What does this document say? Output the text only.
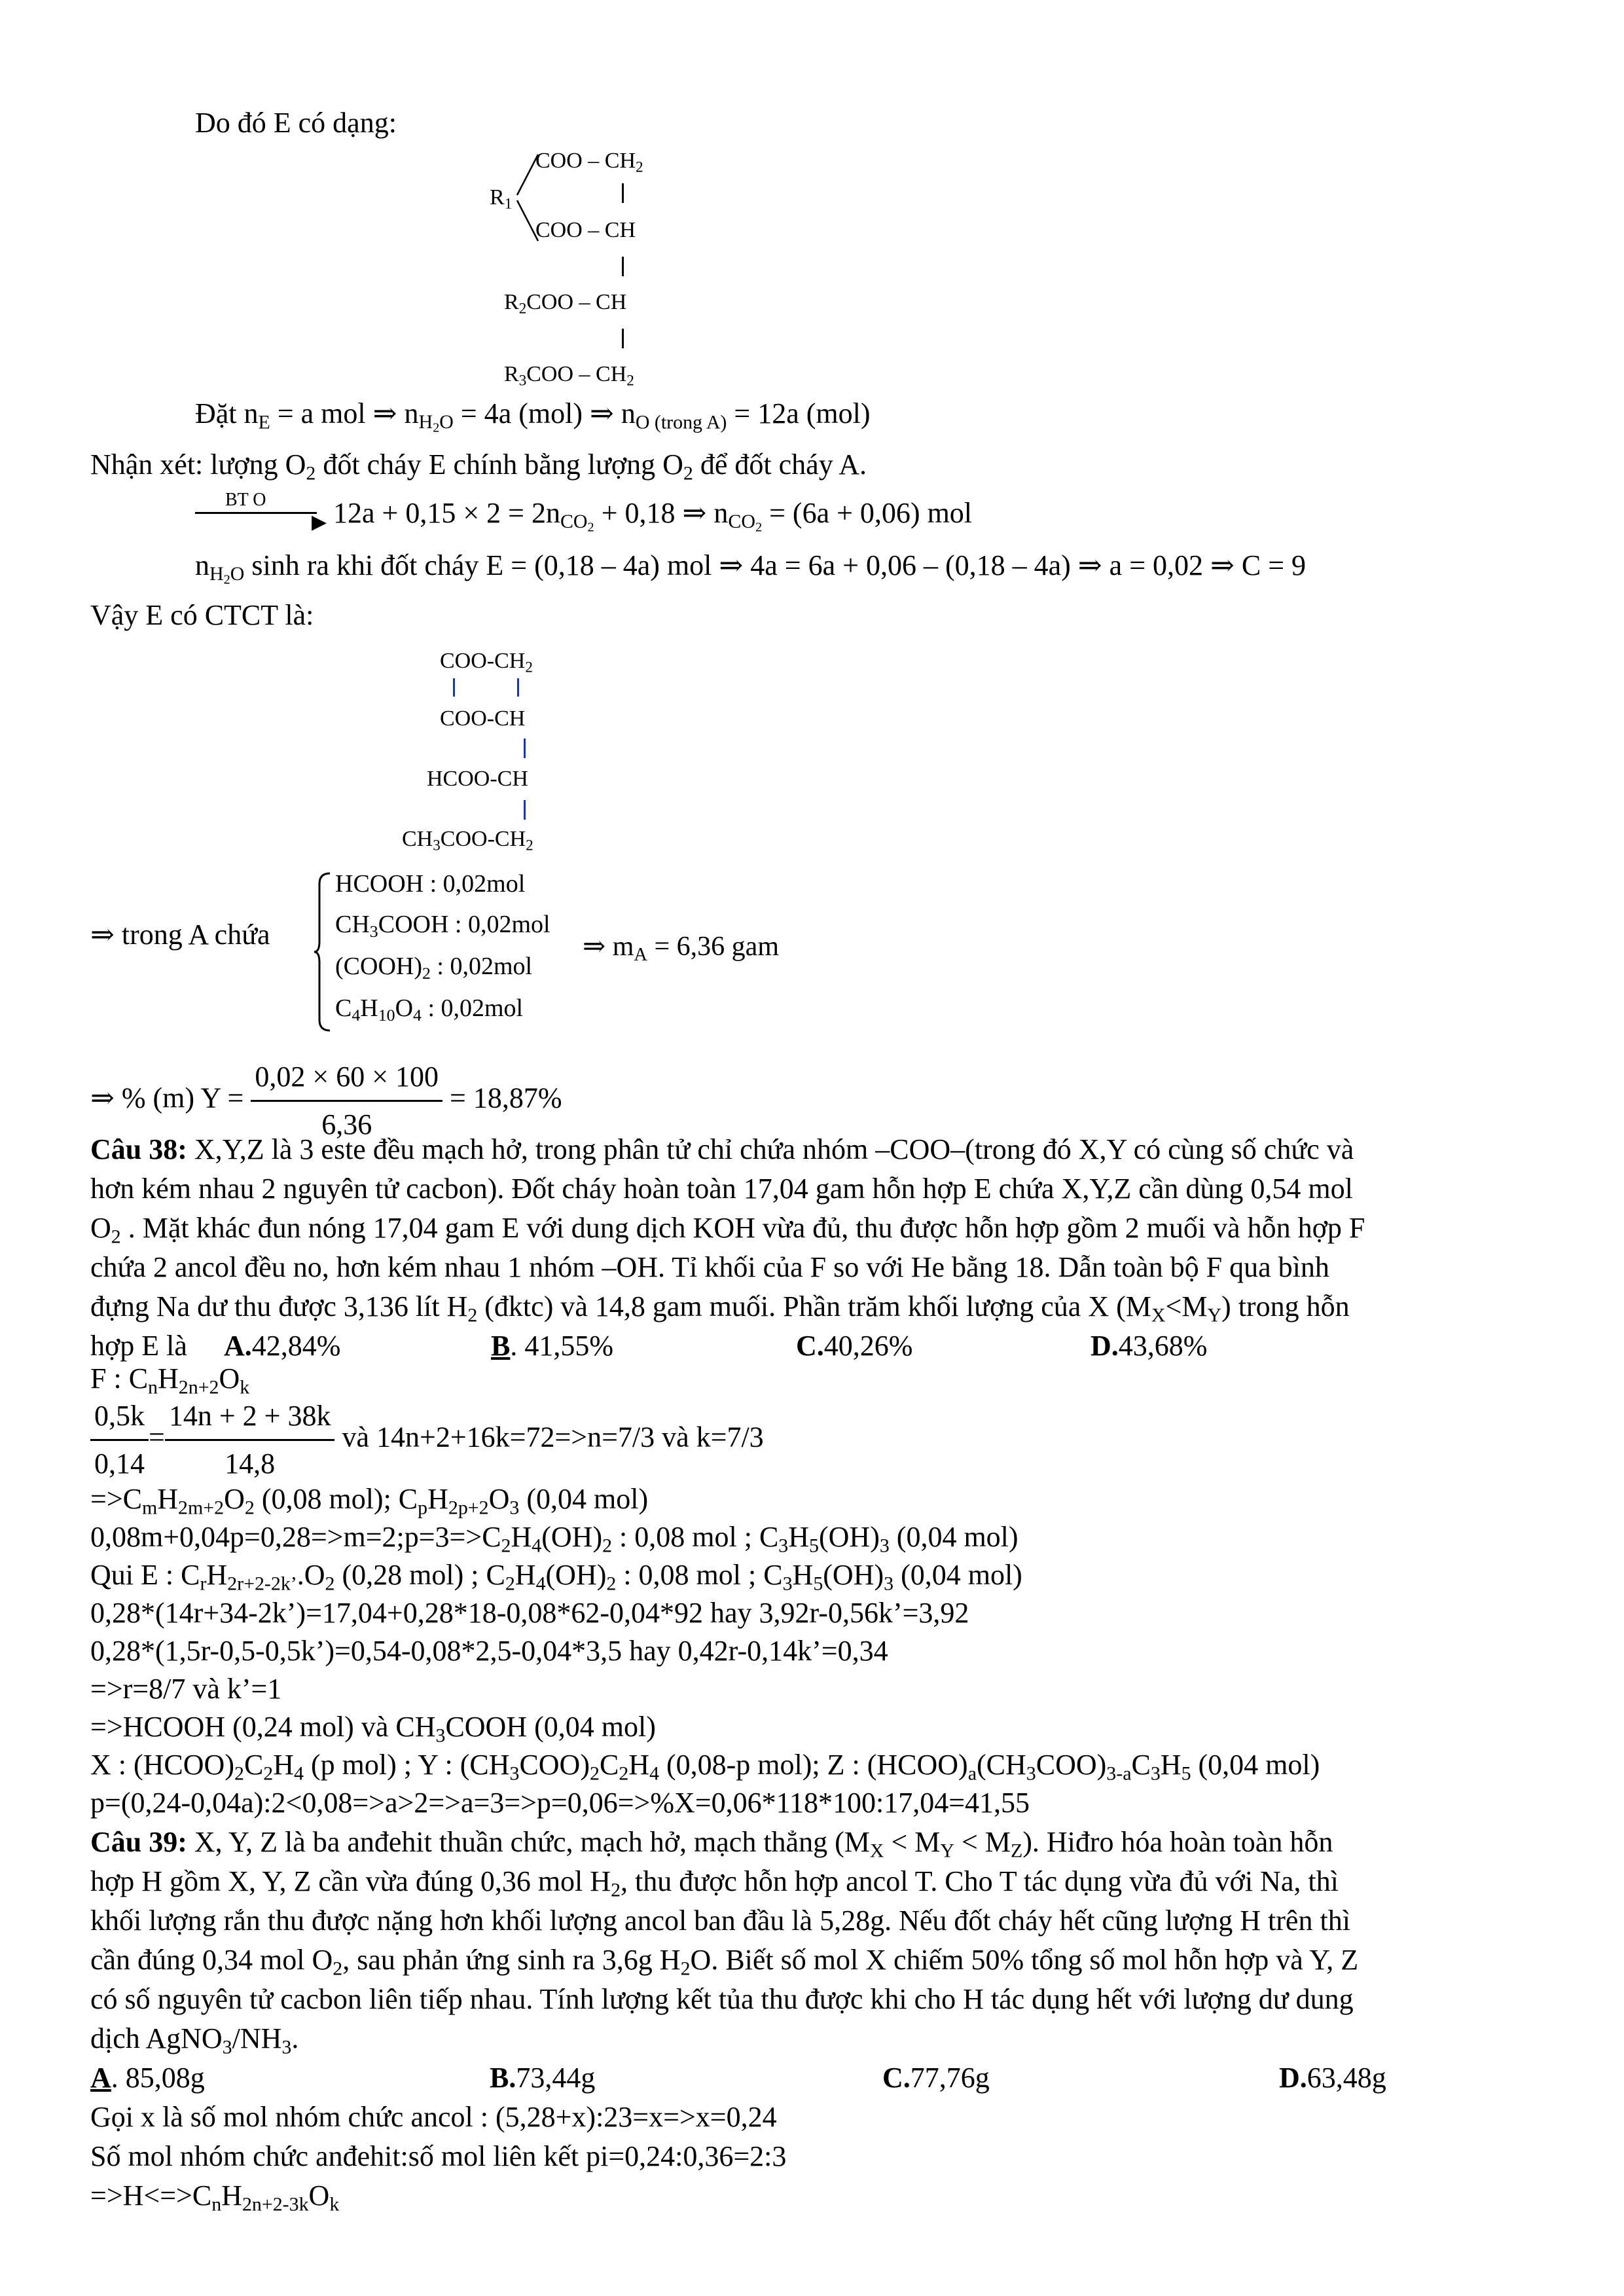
Do đó E có dạng:
$R_1$
COO – $CH_2$
COO – CH
$R_2COO$ – CH
$R_3COO - CH_2$
Đặt $n_E = a$ mol ⇒ $n_{H_2O} = 4a$ (mol) ⇒ $n_{O (trong A)} = 12a$ (mol)
Nhận xét: lượng $O_2$ đốt cháy E chính bằng lượng $O_2$ để đốt cháy A.
BT O
▶ $12a + 0,15 \times 2 = 2n_{CO_2} + 0,18$ ⇒ $n_{CO_2} = (6a + 0,06)$ mol
$n_{H_2O}$ sinh ra khi đốt cháy E = (0,18 – 4a) mol ⇒ 4a = 6a + 0,06 – (0,18 – 4a) ⇒ a = 0,02 ⇒ C = 9
Vậy E có CTCT là:
COO-$CH_2$
COO-CH
HCOO-CH
$CH_3COO-CH_2$
⇒ trong A chứa
HCOOH : 0,02mol
$CH_3COOH$ : 0,02mol
$(COOH)_2$ : 0,02mol
$C_4H_{10}O_4$ : 0,02mol
⇒ $m_A = 6,36$ gam
⇒ % (m) $Y = \frac{0,02 \times 60 \times 100}{6,36} = 18,87\%$
Câu 38: X,Y,Z là 3 este đều mạch hở, trong phân tử chỉ chứa nhóm –COO–(trong đó X,Y có cùng số chức và
hơn kém nhau 2 nguyên tử cacbon). Đốt cháy hoàn toàn 17,04 gam hỗn hợp E chứa X,Y,Z cần dùng 0,54 mol
$O_2$ . Mặt khác đun nóng 17,04 gam E với dung dịch KOH vừa đủ, thu được hỗn hợp gồm 2 muối và hỗn hợp F
chứa 2 ancol đều no, hơn kém nhau 1 nhóm –OH. Tỉ khối của F so với He bằng 18. Dẫn toàn bộ F qua bình
đựng Na dư thu được 3,136 lít $H_2$ (đktc) và 14,8 gam muối. Phần trăm khối lượng của X $(M_X<M_Y)$ trong hỗn
hợp E là A.42,84%	B. 41,55%	C.40,26%	D.43,68%
F : $C_nH_{2n+2}O_k$
$\frac{0,5k}{0,14} = \frac{14n + 2 + 38k}{14,8}$ và 14n+2+16k=72=>n=7/3 và k=7/3
$=>C_mH_{2m+2}O_2$ (0,08 mol); $C_pH_{2p+2}O_3$ (0,04 mol)
$0,08m+0,04p=0,28=>m=2;p=3=>C_2H_4(OH)_2$ : 0,08 mol ; $C_3H_5(OH)_3$ (0,04 mol)
Qui E : $C_rH_{2r+2-2k’}.O_2$ (0,28 mol) ; $C_2H_4(OH)_2$ : 0,08 mol ; $C_3H_5(OH)_3$ (0,04 mol)
0,28*(14r+34-2k’)=17,04+0,28*18-0,08*62-0,04*92 hay 3,92r-0,56k’=3,92
0,28*(1,5r-0,5-0,5k’)=0,54-0,08*2,5-0,04*3,5 hay 0,42r-0,14k’=0,34
=>r=8/7 và k’=1
=>HCOOH (0,24 mol) và $CH_3COOH$ (0,04 mol)
X : $(HCOO)_2C_2H_4$ (p mol) ; Y : $(CH_3COO)_2C_2H_4$ (0,08-p mol); Z : $(HCOO)_a(CH_3COO)_{3-a}C_3H_5$ (0,04 mol)
p=(0,24-0,04a):2<0,08=>a>2=>a=3=>p=0,06=>%X=0,06*118*100:17,04=41,55
Câu 39: X, Y, Z là ba anđehit thuần chức, mạch hở, mạch thẳng $(M_X < M_Y < M_Z)$. Hiđro hóa hoàn toàn hỗn
hợp H gồm X, Y, Z cần vừa đúng 0,36 mol $H_2$, thu được hỗn hợp ancol T. Cho T tác dụng vừa đủ với Na, thì
khối lượng rắn thu được nặng hơn khối lượng ancol ban đầu là 5,28g. Nếu đốt cháy hết cũng lượng H trên thì
cần đúng 0,34 mol $O_2$, sau phản ứng sinh ra 3,6g $H_2O$. Biết số mol X chiếm 50% tổng số mol hỗn hợp và Y, Z
có số nguyên tử cacbon liên tiếp nhau. Tính lượng kết tủa thu được khi cho H tác dụng hết với lượng dư dung
dịch $AgNO_3/NH_3$.
A. 85,08g	B.73,44g	C.77,76g	D.63,48g
Gọi x là số mol nhóm chức ancol : (5,28+x):23=x=>x=0,24
Số mol nhóm chức anđehit:số mol liên kết pi=0,24:0,36=2:3
$=>H<=>C_nH_{2n+2-3k}O_k$
